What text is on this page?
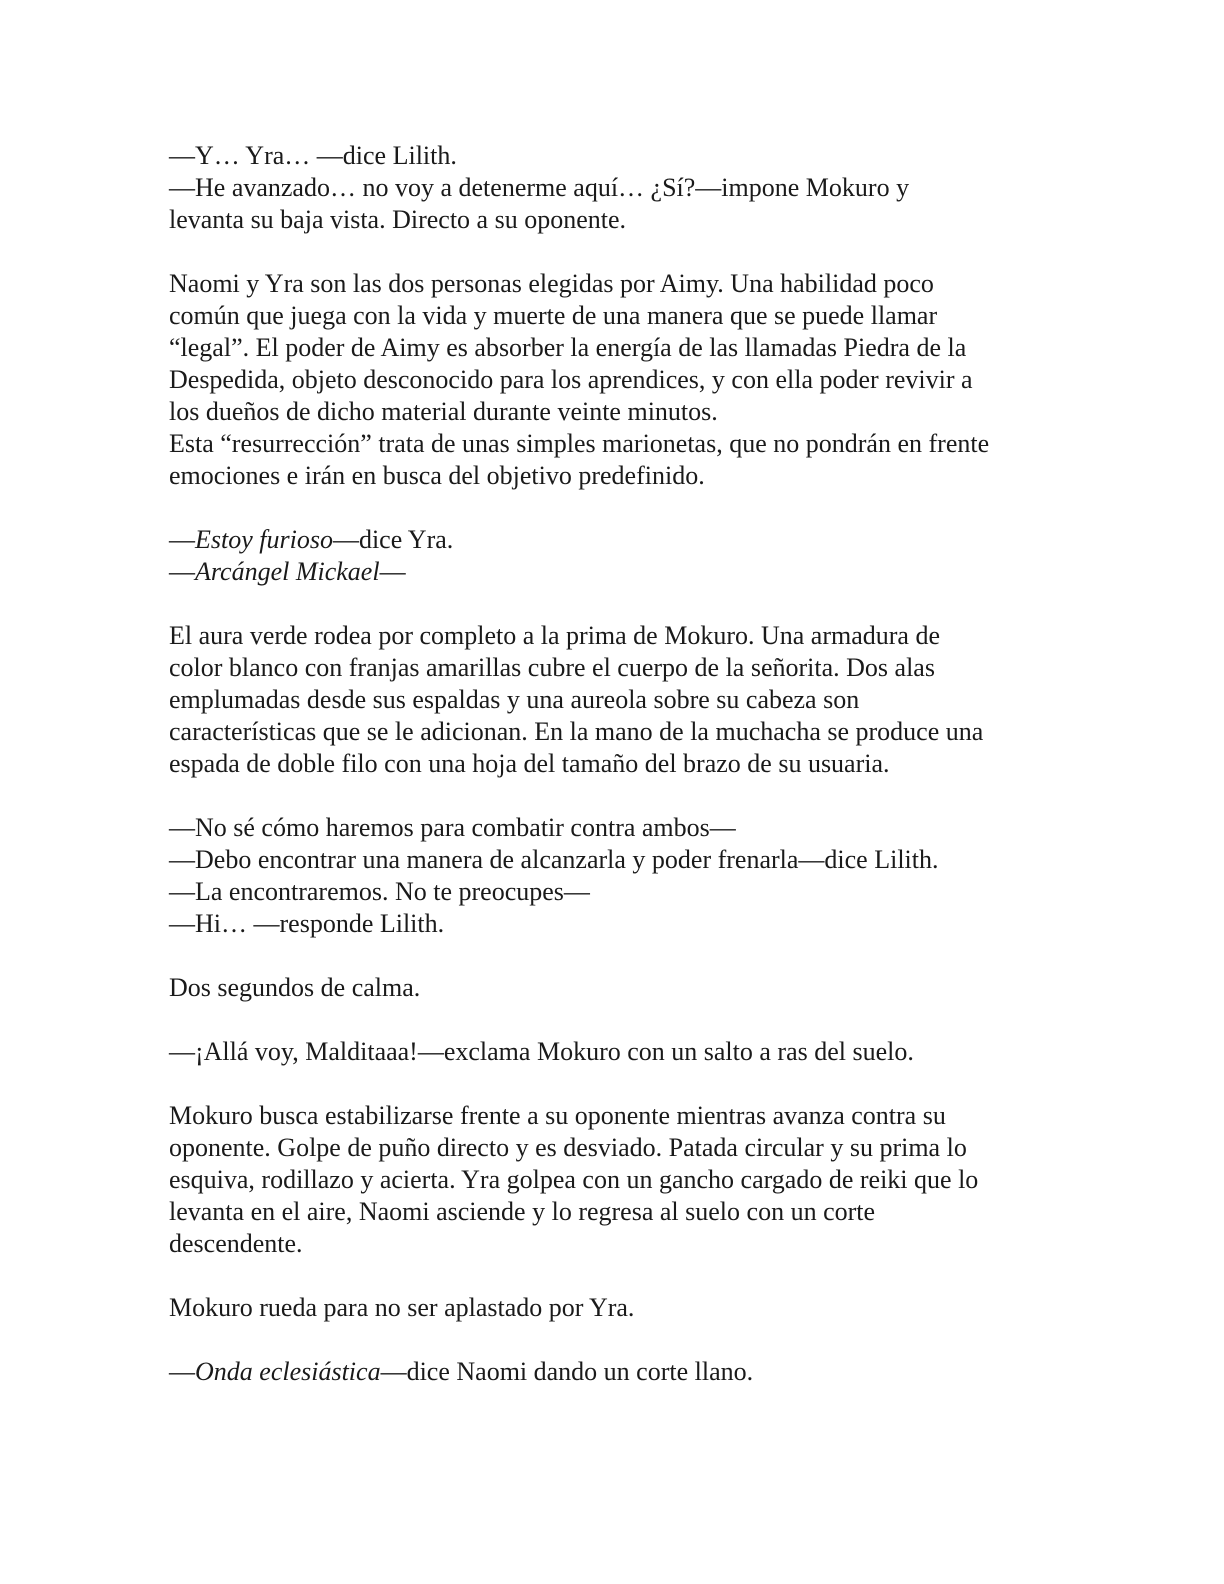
—Y… Yra… —dice Lilith.
—He avanzado… no voy a detenerme aquí… ¿Sí?—impone Mokuro y
levanta su baja vista. Directo a su oponente.
Naomi y Yra son las dos personas elegidas por Aimy. Una habilidad poco
común que juega con la vida y muerte de una manera que se puede llamar
“legal”. El poder de Aimy es absorber la energía de las llamadas Piedra de la
Despedida, objeto desconocido para los aprendices, y con ella poder revivir a
los dueños de dicho material durante veinte minutos.
Esta “resurrección” trata de unas simples marionetas, que no pondrán en frente
emociones e irán en busca del objetivo predefinido.
—Estoy furioso—dice Yra.
—Arcángel Mickael—
El aura verde rodea por completo a la prima de Mokuro. Una armadura de
color blanco con franjas amarillas cubre el cuerpo de la señorita. Dos alas
emplumadas desde sus espaldas y una aureola sobre su cabeza son
características que se le adicionan. En la mano de la muchacha se produce una
espada de doble filo con una hoja del tamaño del brazo de su usuaria.
—No sé cómo haremos para combatir contra ambos—
—Debo encontrar una manera de alcanzarla y poder frenarla—dice Lilith.
—La encontraremos. No te preocupes—
—Hi… —responde Lilith.
Dos segundos de calma.
—¡Allá voy, Malditaaa!—exclama Mokuro con un salto a ras del suelo.
Mokuro busca estabilizarse frente a su oponente mientras avanza contra su
oponente. Golpe de puño directo y es desviado. Patada circular y su prima lo
esquiva, rodillazo y acierta. Yra golpea con un gancho cargado de reiki que lo
levanta en el aire, Naomi asciende y lo regresa al suelo con un corte
descendente.
Mokuro rueda para no ser aplastado por Yra.
—Onda eclesiástica—dice Naomi dando un corte llano.
